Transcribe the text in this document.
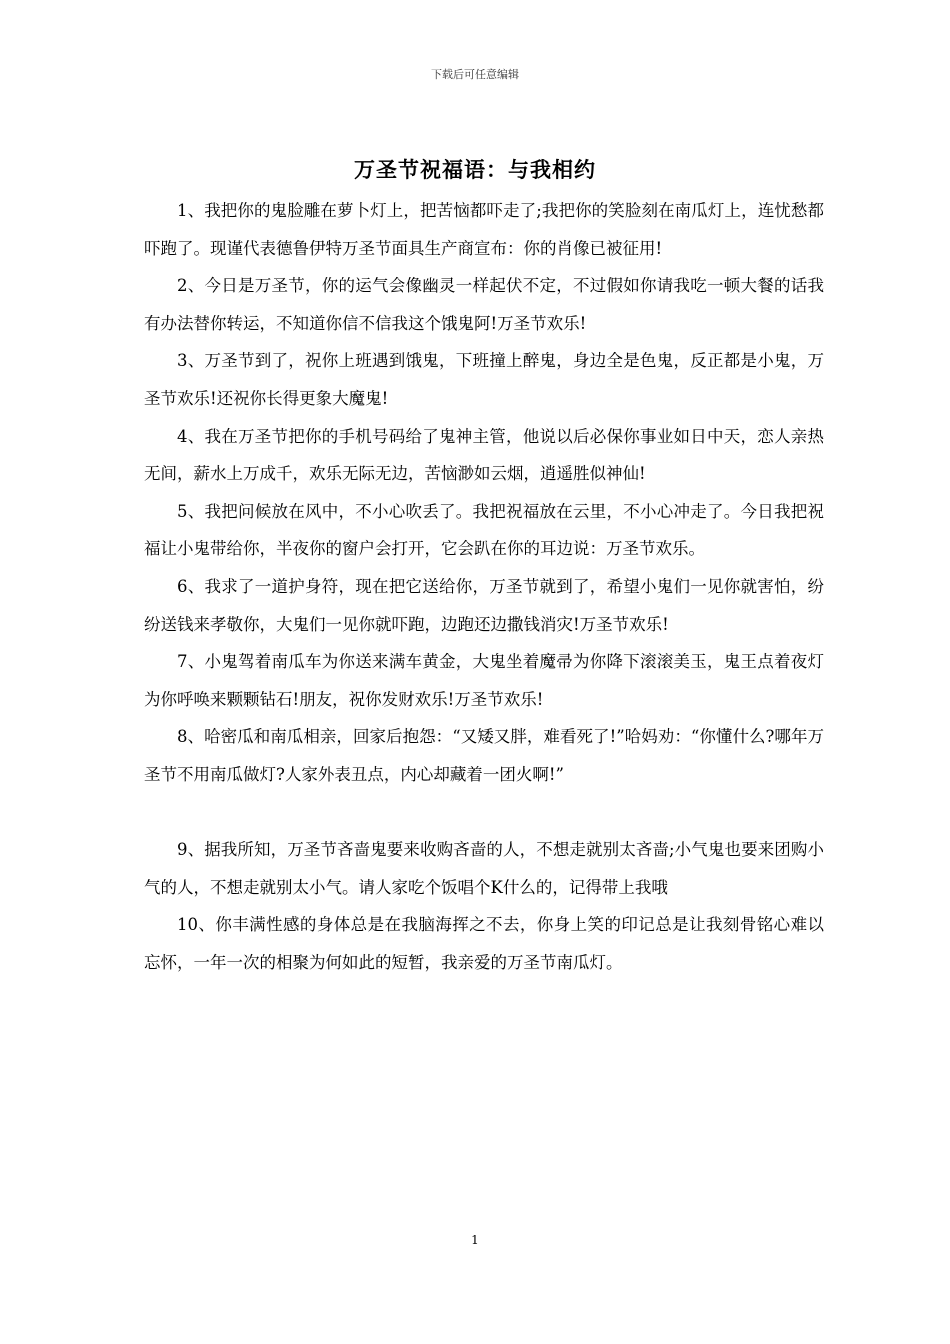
下载后可任意编辑
万圣节祝福语：与我相约

1、我把你的鬼脸雕在萝卜灯上，把苦恼都吓走了;我把你的笑脸刻在南瓜灯上，连忧愁都吓跑了。现谨代表德鲁伊特万圣节面具生产商宣布：你的肖像已被征用!

2、今日是万圣节，你的运气会像幽灵一样起伏不定，不过假如你请我吃一顿大餐的话我有办法替你转运，不知道你信不信我这个饿鬼阿!万圣节欢乐!

3、万圣节到了，祝你上班遇到饿鬼，下班撞上醉鬼，身边全是色鬼，反正都是小鬼，万圣节欢乐!还祝你长得更象大魔鬼!

4、我在万圣节把你的手机号码给了鬼神主管，他说以后必保你事业如日中天，恋人亲热无间，薪水上万成千，欢乐无际无边，苦恼渺如云烟，逍遥胜似神仙!

5、我把问候放在风中，不小心吹丢了。我把祝福放在云里，不小心冲走了。今日我把祝福让小鬼带给你，半夜你的窗户会打开，它会趴在你的耳边说：万圣节欢乐。

6、我求了一道护身符，现在把它送给你，万圣节就到了，希望小鬼们一见你就害怕，纷纷送钱来孝敬你，大鬼们一见你就吓跑，边跑还边撒钱消灾!万圣节欢乐!

7、小鬼驾着南瓜车为你送来满车黄金，大鬼坐着魔帚为你降下滚滚美玉，鬼王点着夜灯为你呼唤来颗颗钻石!朋友，祝你发财欢乐!万圣节欢乐!

8、哈密瓜和南瓜相亲，回家后抱怨：“又矮又胖，难看死了!”哈妈劝：“你懂什么?哪年万圣节不用南瓜做灯?人家外表丑点，内心却藏着一团火啊!”

9、据我所知，万圣节吝啬鬼要来收购吝啬的人，不想走就别太吝啬;小气鬼也要来团购小气的人，不想走就别太小气。请人家吃个饭唱个K什么的，记得带上我哦

10、你丰满性感的身体总是在我脑海挥之不去，你身上笑的印记总是让我刻骨铭心难以忘怀，一年一次的相聚为何如此的短暂，我亲爱的万圣节南瓜灯。

1
